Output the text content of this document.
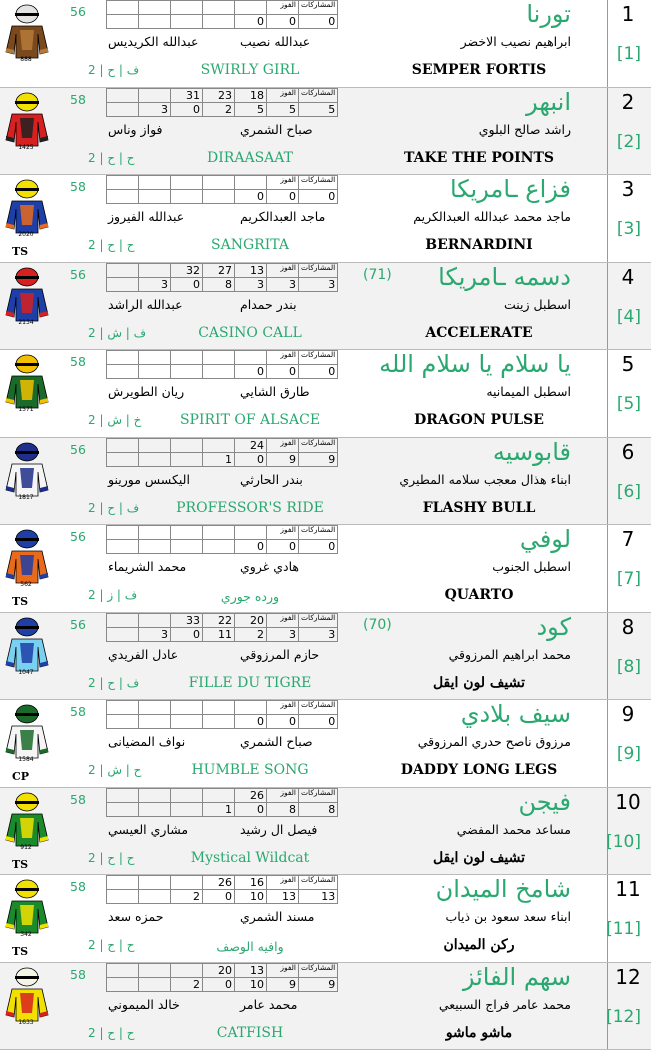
1
[1]
تورنا
ابراهيم نصيب الاخضر
عبدالله نصيب
عبدالله الكريديس
SEMPER FORTIS
SWIRLY GIRL
ف | ح | 2
56
888
					الفوز	المشاركات
				0	0	0
2
[2]
انبهر
راشد صالح البلوي
صباح الشمري
فواز وناس
TAKE THE POINTS
DIRAASAAT
ح | ح | 2
58
1425
		31	23	18	الفوز	المشاركات
	3	0	2	5	5	5
3
[3]
فزاع ـامريكا
ماجد محمد عبدالله العبدالكريم
ماجد العبدالكريم
عبدالله الفيروز
BERNARDINI
SANGRITA
ح | ح | 2
58
2020
TS
					الفوز	المشاركات
				0	0	0
4
[4]
دسمه ـامريكا
(71)
اسطبل زينت
بندر حمدام
عبدالله الراشد
ACCELERATE
CASINO CALL
ف | ش | 2
56
2134
		32	27	13	الفوز	المشاركات
	3	0	8	3	3	3
5
[5]
يا سلام يا سلام الله
اسطبل الميمانيه
طارق الشايي
ريان الطويرش
DRAGON PULSE
SPIRIT OF ALSACE
خ | ش | 2
58
1571
					الفوز	المشاركات
				0	0	0
6
[6]
قابوسيه
ابناء هذال معجب سلامه المطيري
بندر الحارثي
اليكسس مورينو
FLASHY BULL
PROFESSOR'S RIDE
ف | ح | 2
56
1817
				24	الفوز	المشاركات
			1	0	9	9
7
[7]
لوفي
اسطبل الجنوب
هادي غروي
محمد الشريماء
QUARTO
ورده جوري
ف | ز | 2
56
562
TS
					الفوز	المشاركات
				0	0	0
8
[8]
كود
(70)
محمد ابراهيم المرزوقي
حازم المرزوقي
عادل الفريدي
تشيف لون ايقل
FILLE DU TIGRE
ف | ح | 2
56
1047
		33	22	20	الفوز	المشاركات
	3	0	11	2	3	3
9
[9]
سيف بلادي
مرزوق ناصح حدري المرزوقي
صباح الشمري
نواف المضيانى
DADDY LONG LEGS
HUMBLE SONG
ح | ش | 2
58
1584
CP
					الفوز	المشاركات
				0	0	0
10
[10]
فيجن
مساعد محمد المفضي
فيصل ال رشيد
مشاري العيسي
تشيف لون ايقل
Mystical Wildcat
ح | ح | 2
58
912
TS
				26	الفوز	المشاركات
			1	0	8	8
11
[11]
شامخ الميدان
ابناء سعد سعود بن ذياب
مسند الشمري
حمزه سعد
ركن الميدان
وافيه الوصف
ح | ح | 2
58
342
TS
			26	16	الفوز	المشاركات
		2	0	10	13	13
12
[12]
سهم الفائز
محمد عامر فراج السبيعي
محمد عامر
خالد الميموني
ماشو ماشو
CATFISH
ح | ح | 2
58
1633
			20	13	الفوز	المشاركات
		2	0	10	9	9
